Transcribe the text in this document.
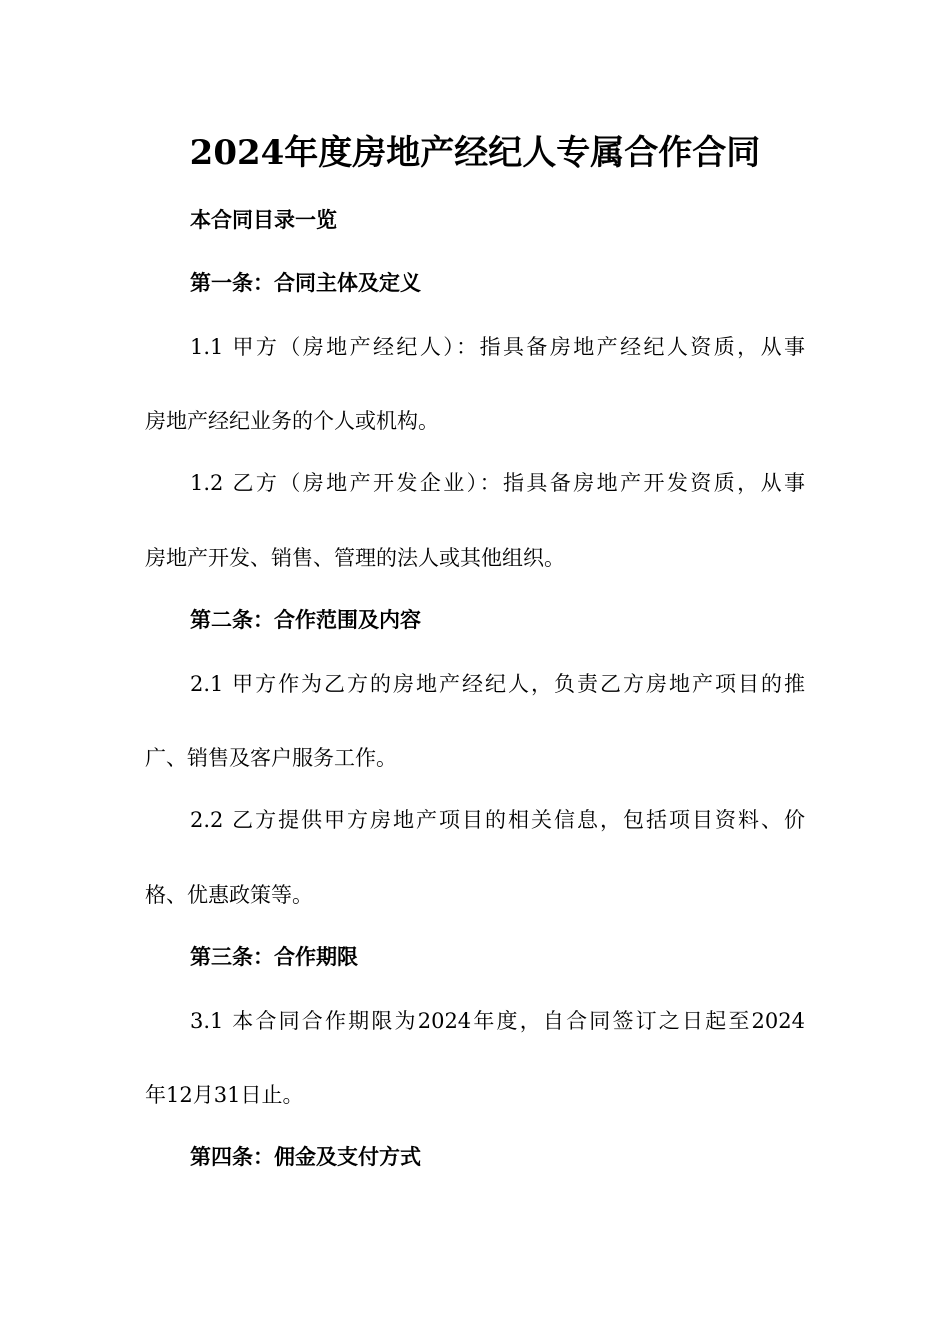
2024年度房地产经纪人专属合作合同
本合同目录一览
第一条：合同主体及定义
1.1 甲方（房地产经纪人）：指具备房地产经纪人资质，从事
房地产经纪业务的个人或机构。
1.2 乙方（房地产开发企业）：指具备房地产开发资质，从事
房地产开发、销售、管理的法人或其他组织。
第二条：合作范围及内容
2.1 甲方作为乙方的房地产经纪人，负责乙方房地产项目的推
广、销售及客户服务工作。
2.2 乙方提供甲方房地产项目的相关信息，包括项目资料、价
格、优惠政策等。
第三条：合作期限
3.1 本合同合作期限为2024年度，自合同签订之日起至2024
年12月31日止。
第四条：佣金及支付方式
